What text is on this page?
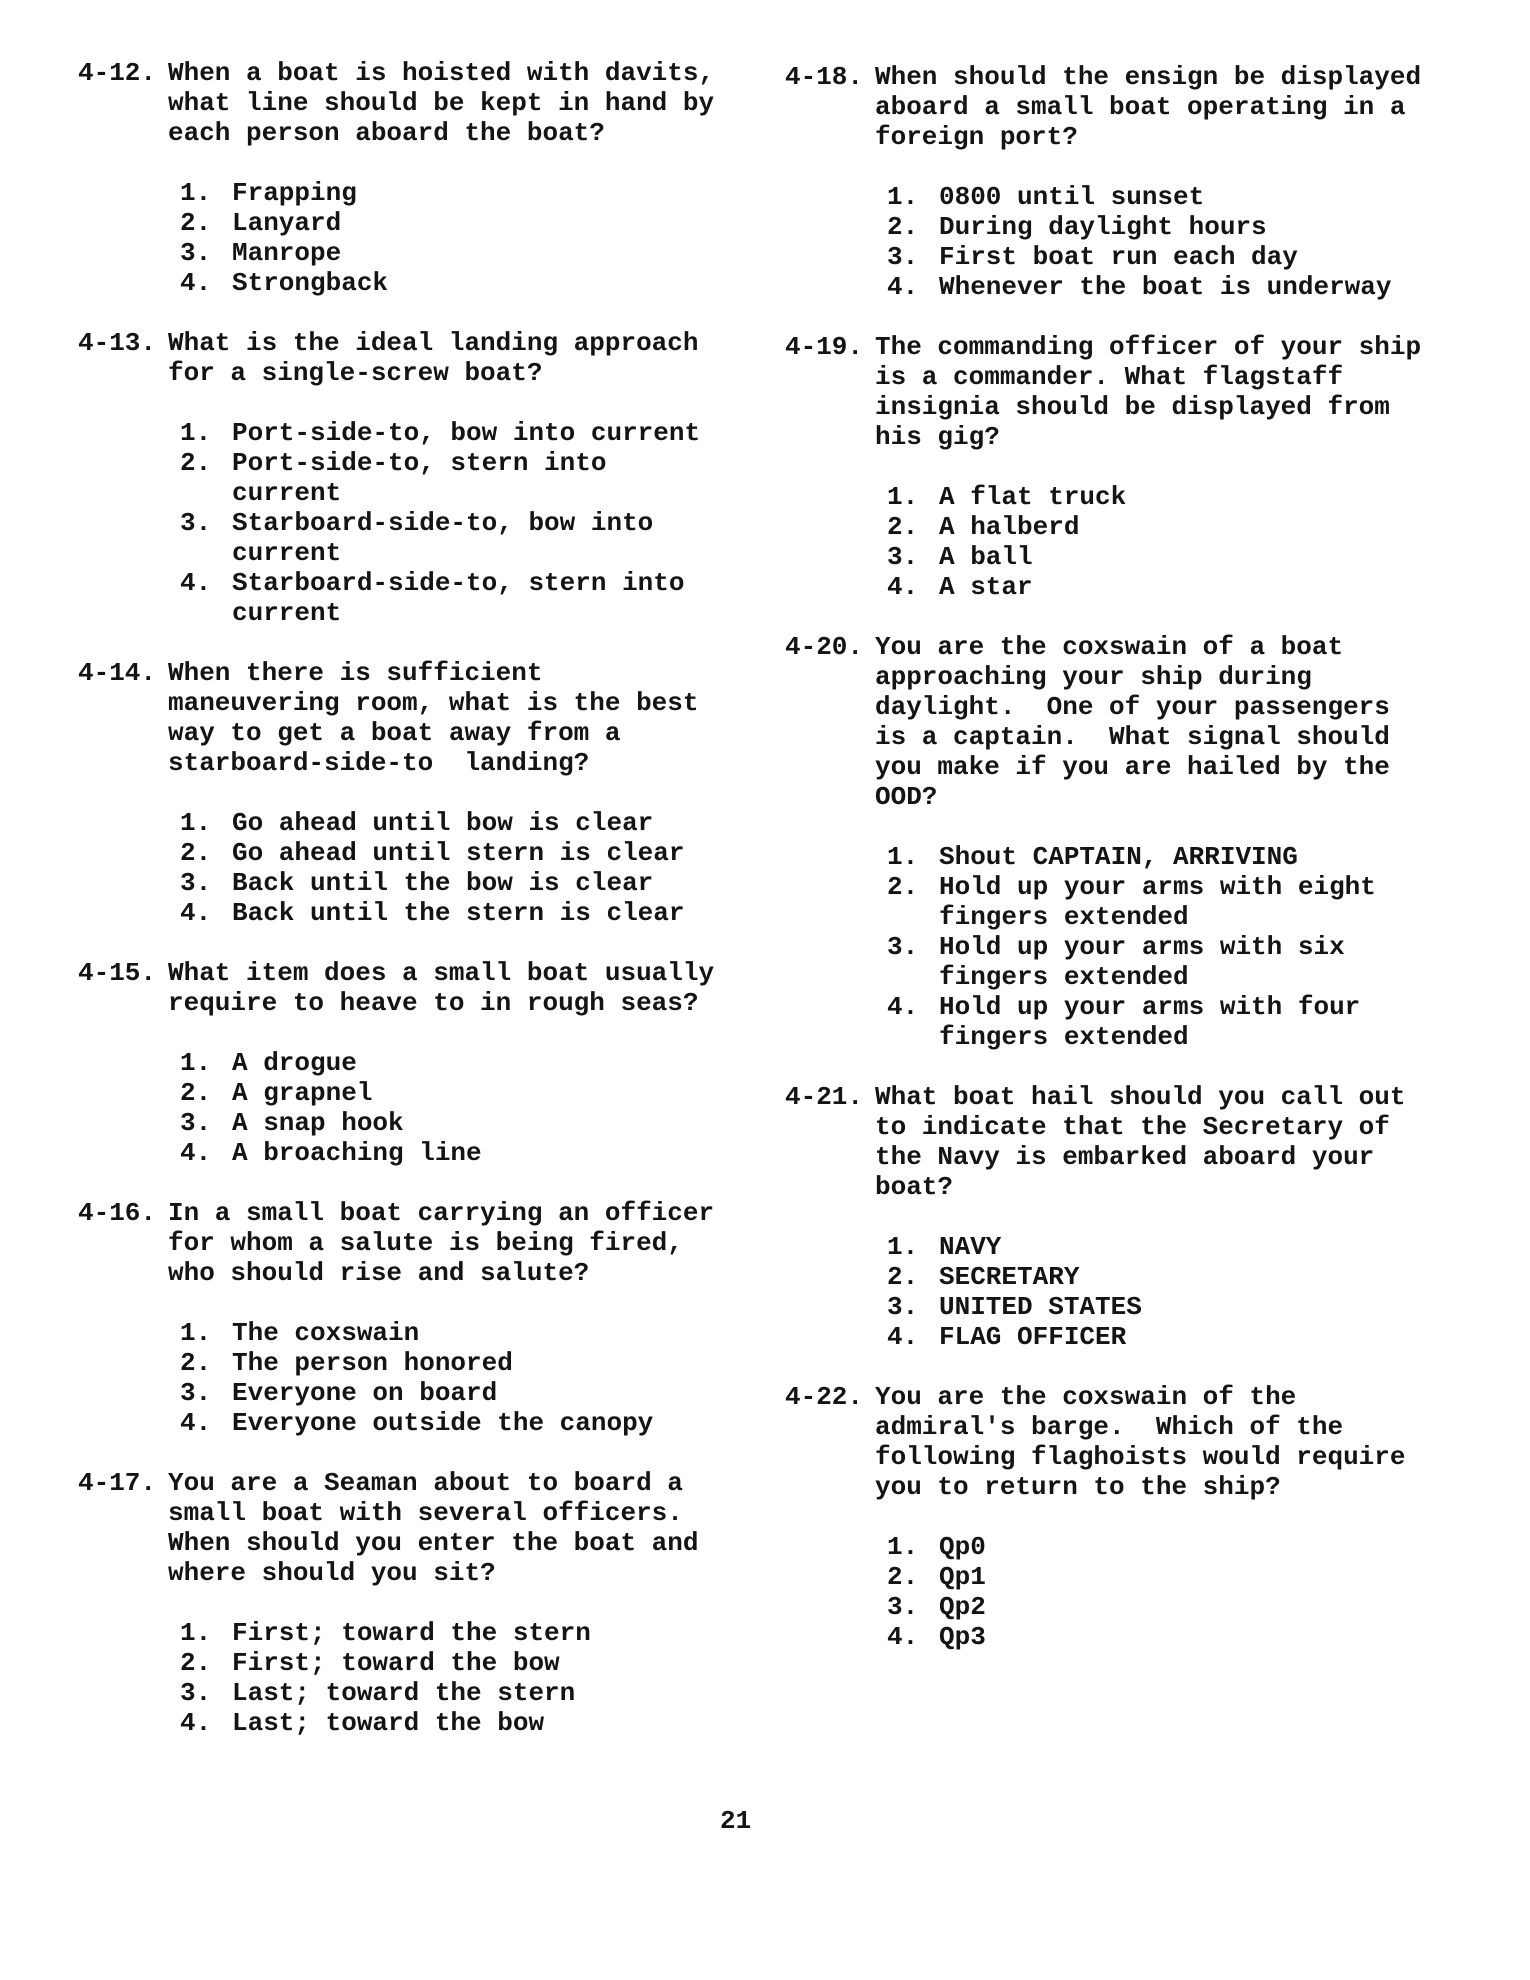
4-12. When a boat is hoisted with davits,
what line should be kept in hand by
each person aboard the boat?
1. Frapping
2. Lanyard
3. Manrope
4. Strongback
4-13. What is the ideal landing approach
for a single-screw boat?
1. Port-side-to, bow into current
2. Port-side-to, stern into
current
3. Starboard-side-to, bow into
current
4. Starboard-side-to, stern into
current
4-14. When there is sufficient
maneuvering room, what is the best
way to get a boat away from a
starboard-side-to  landing?
1. Go ahead until bow is clear
2. Go ahead until stern is clear
3. Back until the bow is clear
4. Back until the stern is clear
4-15. What item does a small boat usually
require to heave to in rough seas?
1. A drogue
2. A grapnel
3. A snap hook
4. A broaching line
4-16. In a small boat carrying an officer
for whom a salute is being fired,
who should rise and salute?
1. The coxswain
2. The person honored
3. Everyone on board
4. Everyone outside the canopy
4-17. You are a Seaman about to board a
small boat with several officers.
When should you enter the boat and
where should you sit?
1. First; toward the stern
2. First; toward the bow
3. Last; toward the stern
4. Last; toward the bow
4-18. When should the ensign be displayed
aboard a small boat operating in a
foreign port?
1. 0800 until sunset
2. During daylight hours
3. First boat run each day
4. Whenever the boat is underway
4-19. The commanding officer of your ship
is a commander. What flagstaff
insignia should be displayed from
his gig?
1. A flat truck
2. A halberd
3. A ball
4. A star
4-20. You are the coxswain of a boat
approaching your ship during
daylight.  One of your passengers
is a captain.  What signal should
you make if you are hailed by the
OOD?
1. Shout CAPTAIN, ARRIVING
2. Hold up your arms with eight
fingers extended
3. Hold up your arms with six
fingers extended
4. Hold up your arms with four
fingers extended
4-21. What boat hail should you call out
to indicate that the Secretary of
the Navy is embarked aboard your
boat?
1. NAVY
2. SECRETARY
3. UNITED STATES
4. FLAG OFFICER
4-22. You are the coxswain of the
admiral's barge.  Which of the
following flaghoists would require
you to return to the ship?
1. Qp0
2. Qp1
3. Qp2
4. Qp3
21
